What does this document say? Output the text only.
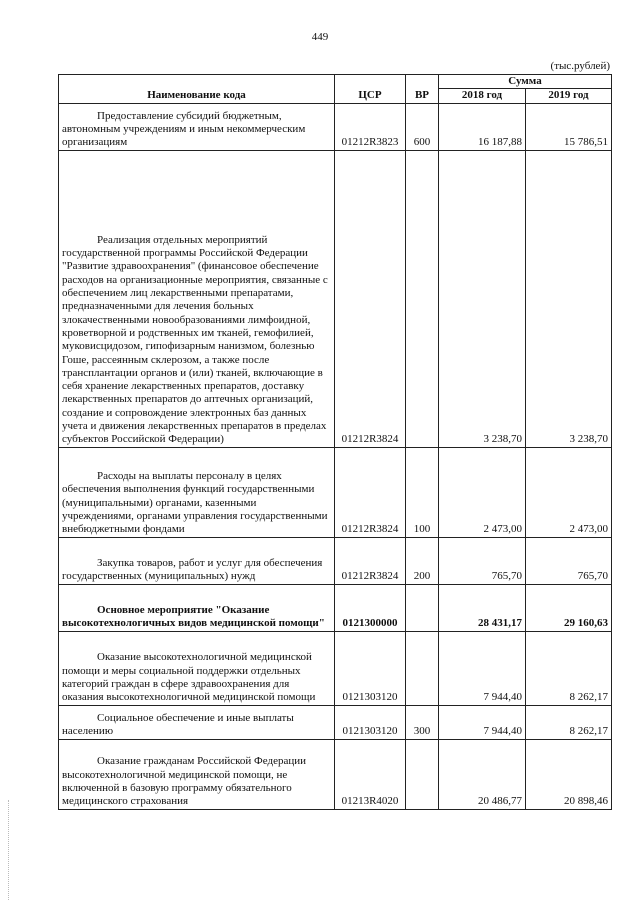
449
(тыс.рублей)
Наименование кода	ЦСР	ВР	Сумма	
			2018 год	2019 год

Предоставление субсидий бюджетным, автономным учреждениям и иным некоммерческим организациям	01212R3823	600	16 187,88	15 786,51

Реализация отдельных мероприятий государственной программы Российской Федерации "Развитие здравоохранения" (финансовое обеспечение расходов на организационные мероприятия, связанные с обеспечением лиц лекарственными препаратами, предназначенными для лечения больных злокачественными новообразованиями лимфоидной, кроветворной и родственных им тканей, гемофилией, муковисцидозом, гипофизарным нанизмом, болезнью Гоше, рассеянным склерозом, а также после трансплантации органов и (или) тканей, включающие в себя хранение лекарственных препаратов, доставку лекарственных препаратов до аптечных организаций, создание и сопровождение электронных баз данных учета и движения лекарственных препаратов в пределах субъектов Российской Федерации)	01212R3824		3 238,70	3 238,70

Расходы на выплаты персоналу в целях обеспечения выполнения функций государственными (муниципальными) органами, казенными учреждениями, органами управления государственными внебюджетными фондами	01212R3824	100	2 473,00	2 473,00

Закупка товаров, работ и услуг для обеспечения государственных (муниципальных) нужд	01212R3824	200	765,70	765,70

Основное мероприятие "Оказание высокотехнологичных видов медицинской помощи"	0121300000		28 431,17	29 160,63

Оказание высокотехнологичной медицинской помощи и меры социальной поддержки отдельных категорий граждан в сфере здравоохранения для оказания высокотехнологичной медицинской помощи	0121303120		7 944,40	8 262,17

Социальное обеспечение и иные выплаты населению	0121303120	300	7 944,40	8 262,17

Оказание гражданам Российской Федерации высокотехнологичной медицинской помощи, не включенной в базовую программу обязательного медицинского страхования	01213R4020		20 486,77	20 898,46
